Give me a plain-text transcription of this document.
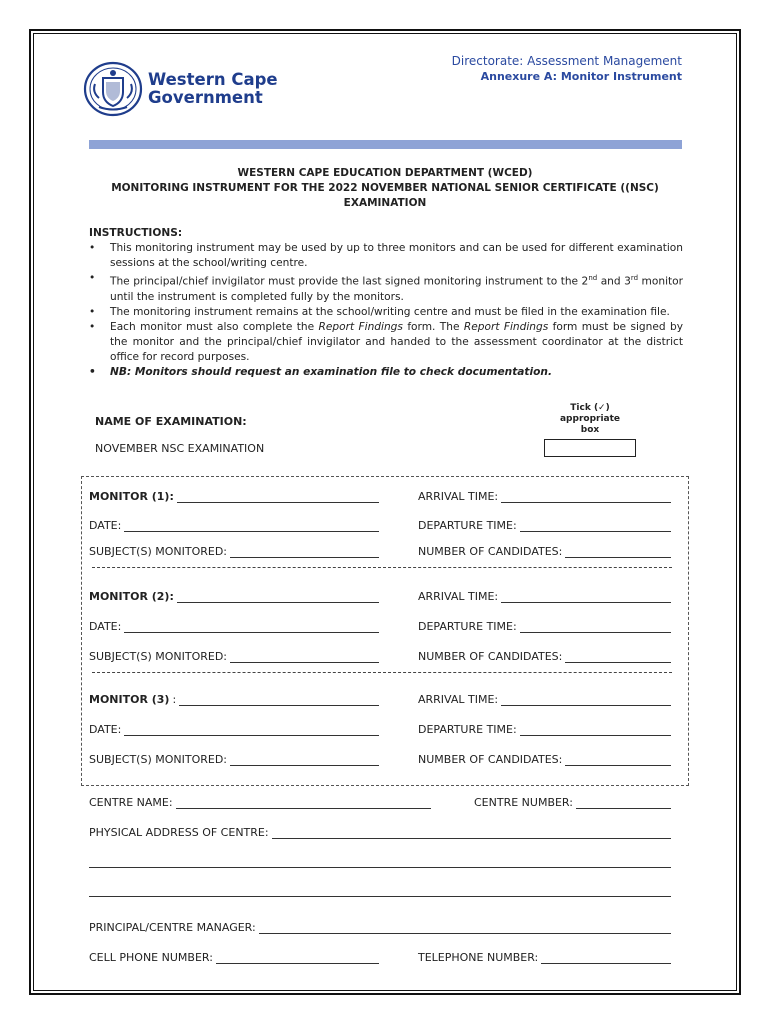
Western Cape
Government
Directorate: Assessment Management
Annexure A: Monitor Instrument
WESTERN CAPE EDUCATION DEPARTMENT (WCED)
MONITORING INSTRUMENT FOR THE 2022 NOVEMBER NATIONAL SENIOR CERTIFICATE ((NSC)
EXAMINATION
INSTRUCTIONS:
• This monitoring instrument may be used by up to three monitors and can be used for different examination sessions at the school/writing centre.
• The principal/chief invigilator must provide the last signed monitoring instrument to the 2nd and 3rd monitor until the instrument is completed fully by the monitors.
• The monitoring instrument remains at the school/writing centre and must be filed in the examination file.
• Each monitor must also complete the Report Findings form. The Report Findings form must be signed by the monitor and the principal/chief invigilator and handed to the assessment coordinator at the district office for record purposes.
• NB: Monitors should request an examination file to check documentation.
NAME OF EXAMINATION:
NOVEMBER NSC EXAMINATION
Tick (✓)
appropriate
box
MONITOR (1):	ARRIVAL TIME:
DATE:	DEPARTURE TIME:
SUBJECT(S) MONITORED:	NUMBER OF CANDIDATES:
MONITOR (2):	ARRIVAL TIME:
DATE:	DEPARTURE TIME:
SUBJECT(S) MONITORED:	NUMBER OF CANDIDATES:
MONITOR (3) :	ARRIVAL TIME:
DATE:	DEPARTURE TIME:
SUBJECT(S) MONITORED:	NUMBER OF CANDIDATES:
CENTRE NAME:	CENTRE NUMBER:
PHYSICAL ADDRESS OF CENTRE:
PRINCIPAL/CENTRE MANAGER:
CELL PHONE NUMBER:	TELEPHONE NUMBER:
